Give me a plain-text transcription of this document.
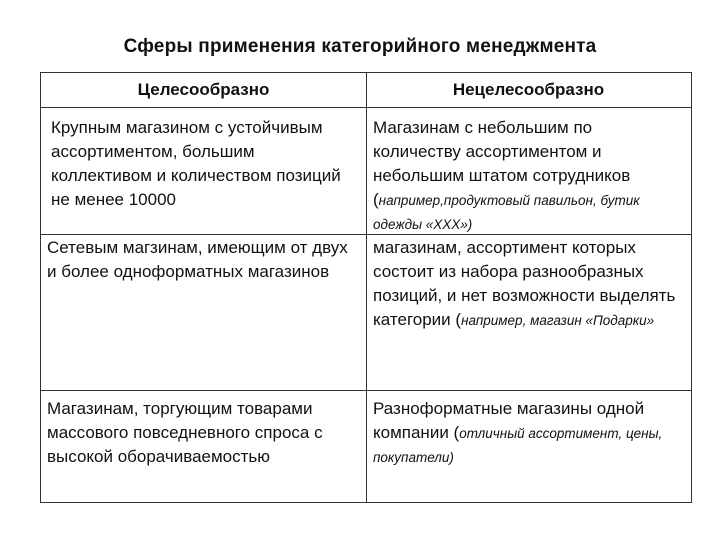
Сферы применения категорийного менеджмента
Целесообразно	Нецелесообразно
Крупным магазином с устойчивым ассортиментом, большим коллективом и количеством позиций не менее 10000
Магазинам с небольшим по количеству ассортиментом и небольшим штатом сотрудников (например,продуктовый павильон, бутик одежды «ХХХ»)
Сетевым магзинам, имеющим от двух и более одноформатных магазинов
магазинам, ассортимент которых состоит из набора разнообразных позиций, и нет возможности выделять категории (например, магазин «Подарки»
Магазинам, торгующим товарами массового повседневного спроса с высокой оборачиваемостью
Разноформатные магазины одной компании (отличный ассортимент, цены, покупатели)
